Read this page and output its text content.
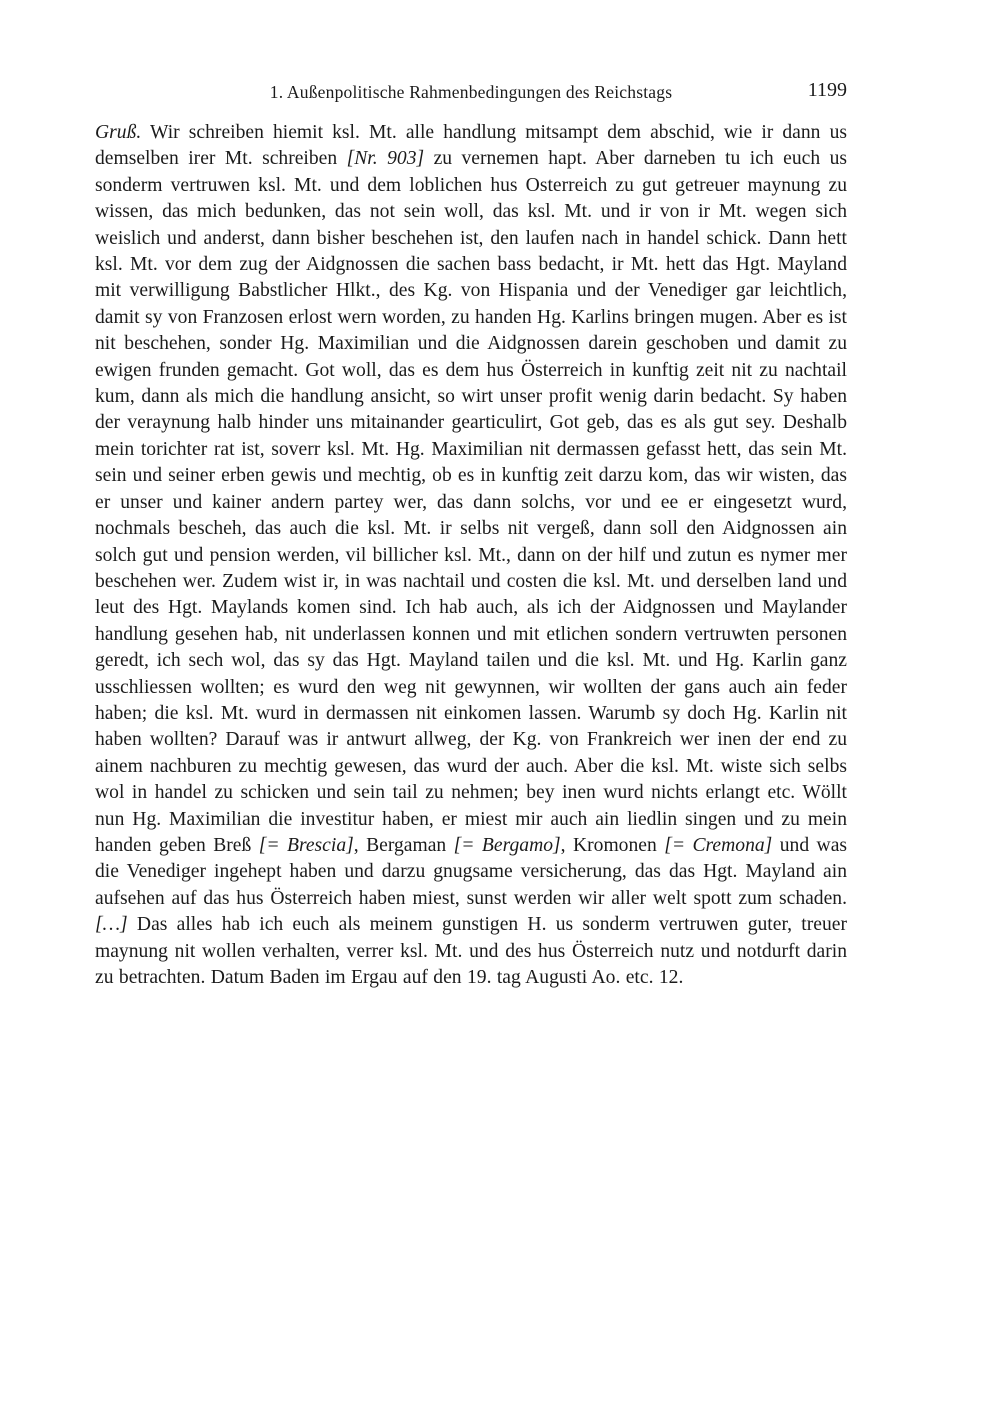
1. Außenpolitische Rahmenbedingungen des Reichstags	1199

Gruß. Wir schreiben hiemit ksl. Mt. alle handlung mitsampt dem abschid, wie ir dann us demselben irer Mt. schreiben [Nr. 903] zu vernemen hapt. Aber darneben tu ich euch us sonderm vertruwen ksl. Mt. und dem loblichen hus Osterreich zu gut getreuer maynung zu wissen, das mich bedunken, das not sein woll, das ksl. Mt. und ir von ir Mt. wegen sich weislich und anderst, dann bisher beschehen ist, den laufen nach in handel schick. Dann hett ksl. Mt. vor dem zug der Aidgnossen die sachen bass bedacht, ir Mt. hett das Hgt. Mayland mit verwilligung Babstlicher Hlkt., des Kg. von Hispania und der Venediger gar leichtlich, damit sy von Franzosen erlost wern worden, zu handen Hg. Karlins bringen mugen. Aber es ist nit beschehen, sonder Hg. Maximilian und die Aidgnossen darein geschoben und damit zu ewigen frunden gemacht. Got woll, das es dem hus Österreich in kunftig zeit nit zu nachtail kum, dann als mich die handlung ansicht, so wirt unser profit wenig darin bedacht. Sy haben der veraynung halb hinder uns mitainander gearticulirt, Got geb, das es als gut sey. Deshalb mein torichter rat ist, soverr ksl. Mt. Hg. Maximilian nit dermassen gefasst hett, das sein Mt. sein und seiner erben gewis und mechtig, ob es in kunftig zeit darzu kom, das wir wisten, das er unser und kainer andern partey wer, das dann solchs, vor und ee er eingesetzt wurd, nochmals bescheh, das auch die ksl. Mt. ir selbs nit vergeß, dann soll den Aidgnossen ain solch gut und pension werden, vil billicher ksl. Mt., dann on der hilf und zutun es nymer mer beschehen wer. Zudem wist ir, in was nachtail und costen die ksl. Mt. und derselben land und leut des Hgt. Maylands komen sind. Ich hab auch, als ich der Aidgnossen und Maylander handlung gesehen hab, nit underlassen konnen und mit etlichen sondern vertruwten personen geredt, ich sech wol, das sy das Hgt. Mayland tailen und die ksl. Mt. und Hg. Karlin ganz usschliessen wollten; es wurd den weg nit gewynnen, wir wollten der gans auch ain feder haben; die ksl. Mt. wurd in dermassen nit einkomen lassen. Warumb sy doch Hg. Karlin nit haben wollten? Darauf was ir antwurt allweg, der Kg. von Frankreich wer inen der end zu ainem nachburen zu mechtig gewesen, das wurd der auch. Aber die ksl. Mt. wiste sich selbs wol in handel zu schicken und sein tail zu nehmen; bey inen wurd nichts erlangt etc. Wöllt nun Hg. Maximilian die investitur haben, er miest mir auch ain liedlin singen und zu mein handen geben Breß [= Brescia], Bergaman [= Bergamo], Kromonen [= Cremona] und was die Venediger ingehept haben und darzu gnugsame versicherung, das das Hgt. Mayland ain aufsehen auf das hus Österreich haben miest, sunst werden wir aller welt spott zum schaden. […] Das alles hab ich euch als meinem gunstigen H. us sonderm vertruwen guter, treuer maynung nit wollen verhalten, verrer ksl. Mt. und des hus Österreich nutz und notdurft darin zu betrachten. Datum Baden im Ergau auf den 19. tag Augusti Ao. etc. 12.
